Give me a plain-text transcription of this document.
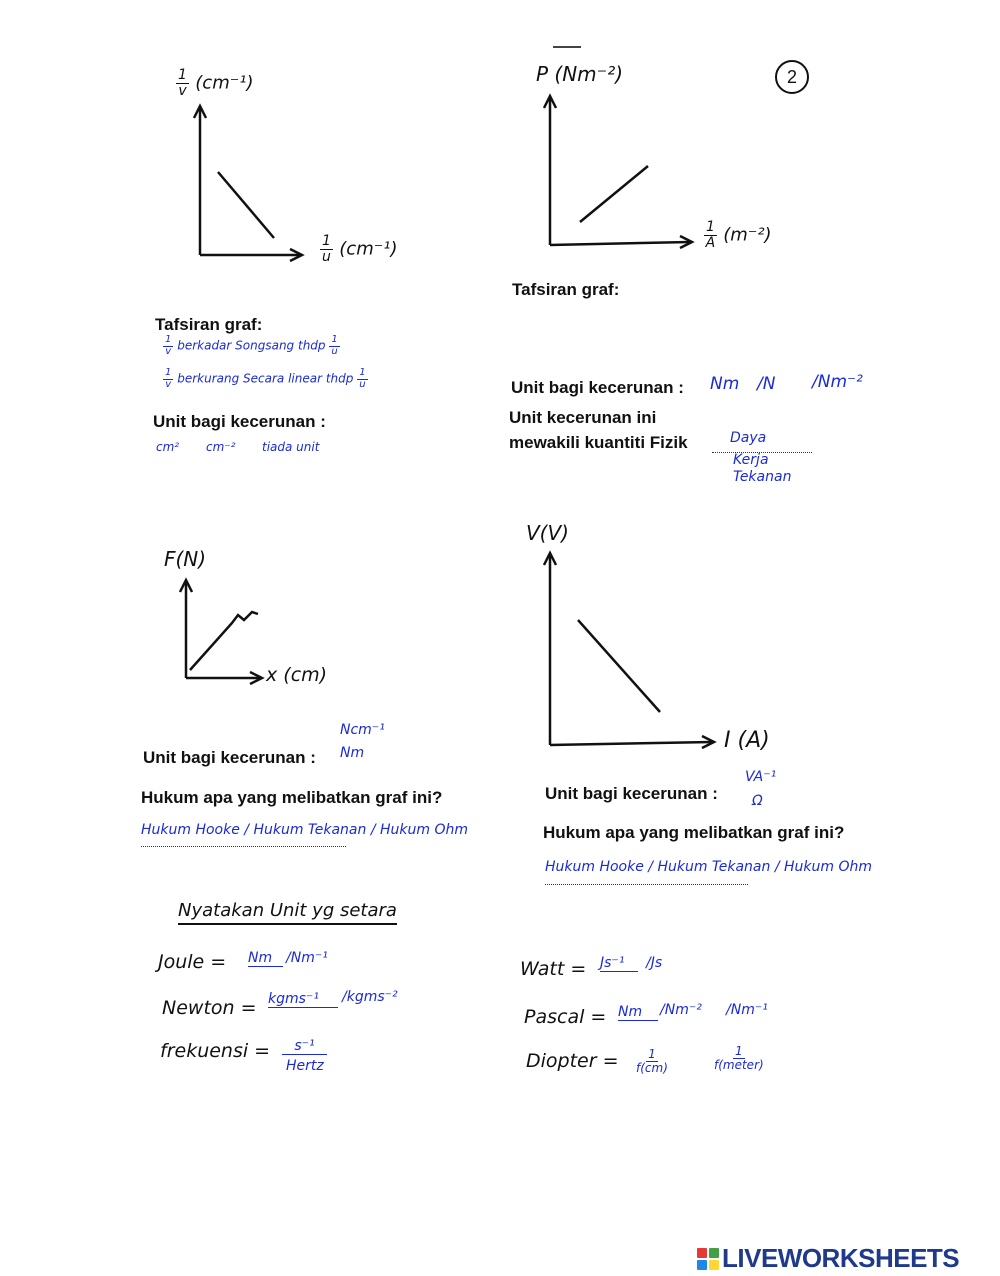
2
$\frac{1}{v} (cm^{-1})$
$\frac{1}{u} (cm^{-1})$
Tafsiran graf:
$\frac{1}{v}$ berkadar Songsang thdp $\frac{1}{u}$
$\frac{1}{v}$ berkurang Secara linear thdp $\frac{1}{u}$
Unit bagi kecerunan :
cm² cm⁻² tiada unit
P (Nm⁻²)
$\frac{1}{A} (m^{-2})$
Tafsiran graf:
Unit bagi kecerunan : Nm /N /Nm⁻²
Unit kecerunan ini
mewakili kuantiti Fizik	Daya
Kerja
Tekanan
F(N)
x (cm)
Ncm⁻¹
Nm
Unit bagi kecerunan :
Hukum apa yang melibatkan graf ini?
Hukum Hooke / Hukum Tekanan / Hukum Ohm
V(V)
I (A)
VA⁻¹
Ω
Unit bagi kecerunan :
Hukum apa yang melibatkan graf ini?
Hukum Hooke / Hukum Tekanan / Hukum Ohm
Nyatakan Unit yg setara
Joule = Nm /Nm⁻¹
Newton = kgms⁻¹	/kgms⁻²
frekuensi =	s⁻¹
Hertz
Watt = Js⁻¹	/Js
Pascal = Nm	/Nm⁻² /Nm⁻¹
Diopter = $\frac{1}{f(cm)}$	$\frac{1}{\text{f(meter)}}$
LIVEWORKSHEETS
